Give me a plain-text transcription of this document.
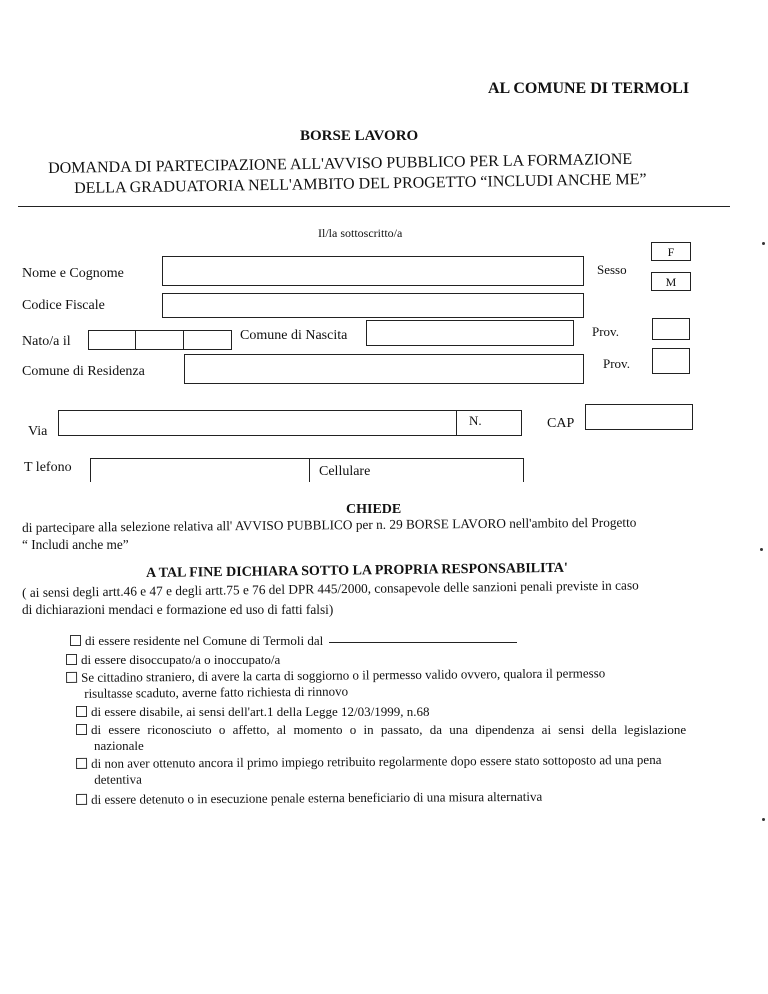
AL COMUNE DI TERMOLI
BORSE LAVORO
DOMANDA DI PARTECIPAZIONE ALL'AVVISO PUBBLICO PER LA FORMAZIONE
DELLA GRADUATORIA NELL'AMBITO DEL PROGETTO “INCLUDI ANCHE ME”
Il/la sottoscritto/a
Nome e Cognome	Sesso
F
M
Codice Fiscale
Nato/a il	Comune di Nascita	Prov.
Comune di Residenza
Prov.
Via
N.	CAP
T lefono	Cellulare
CHIEDE
di partecipare alla selezione relativa all' AVVISO PUBBLICO per n. 29 BORSE LAVORO nell'ambito del Progetto
“ Includi anche me”
A TAL FINE DICHIARA SOTTO LA PROPRIA RESPONSABILITA'
( ai sensi degli artt.46 e 47 e degli artt.75 e 76 del DPR 445/2000, consapevole delle sanzioni penali previste in caso
di dichiarazioni mendaci e formazione ed uso di fatti falsi)
di essere residente nel Comune di Termoli dal
di essere disoccupato/a o inoccupato/a
Se cittadino straniero, di avere la carta di soggiorno o il permesso valido ovvero, qualora il permesso
risultasse scaduto, averne fatto richiesta di rinnovo
di essere disabile, ai sensi dell'art.1 della Legge 12/03/1999, n.68
di essere riconosciuto o affetto, al momento o in passato, da una dipendenza ai sensi della legislazione
nazionale
di non aver ottenuto ancora il primo impiego retribuito regolarmente dopo essere stato sottoposto ad una pena
detentiva
di essere detenuto o in esecuzione penale esterna beneficiario di una misura alternativa
